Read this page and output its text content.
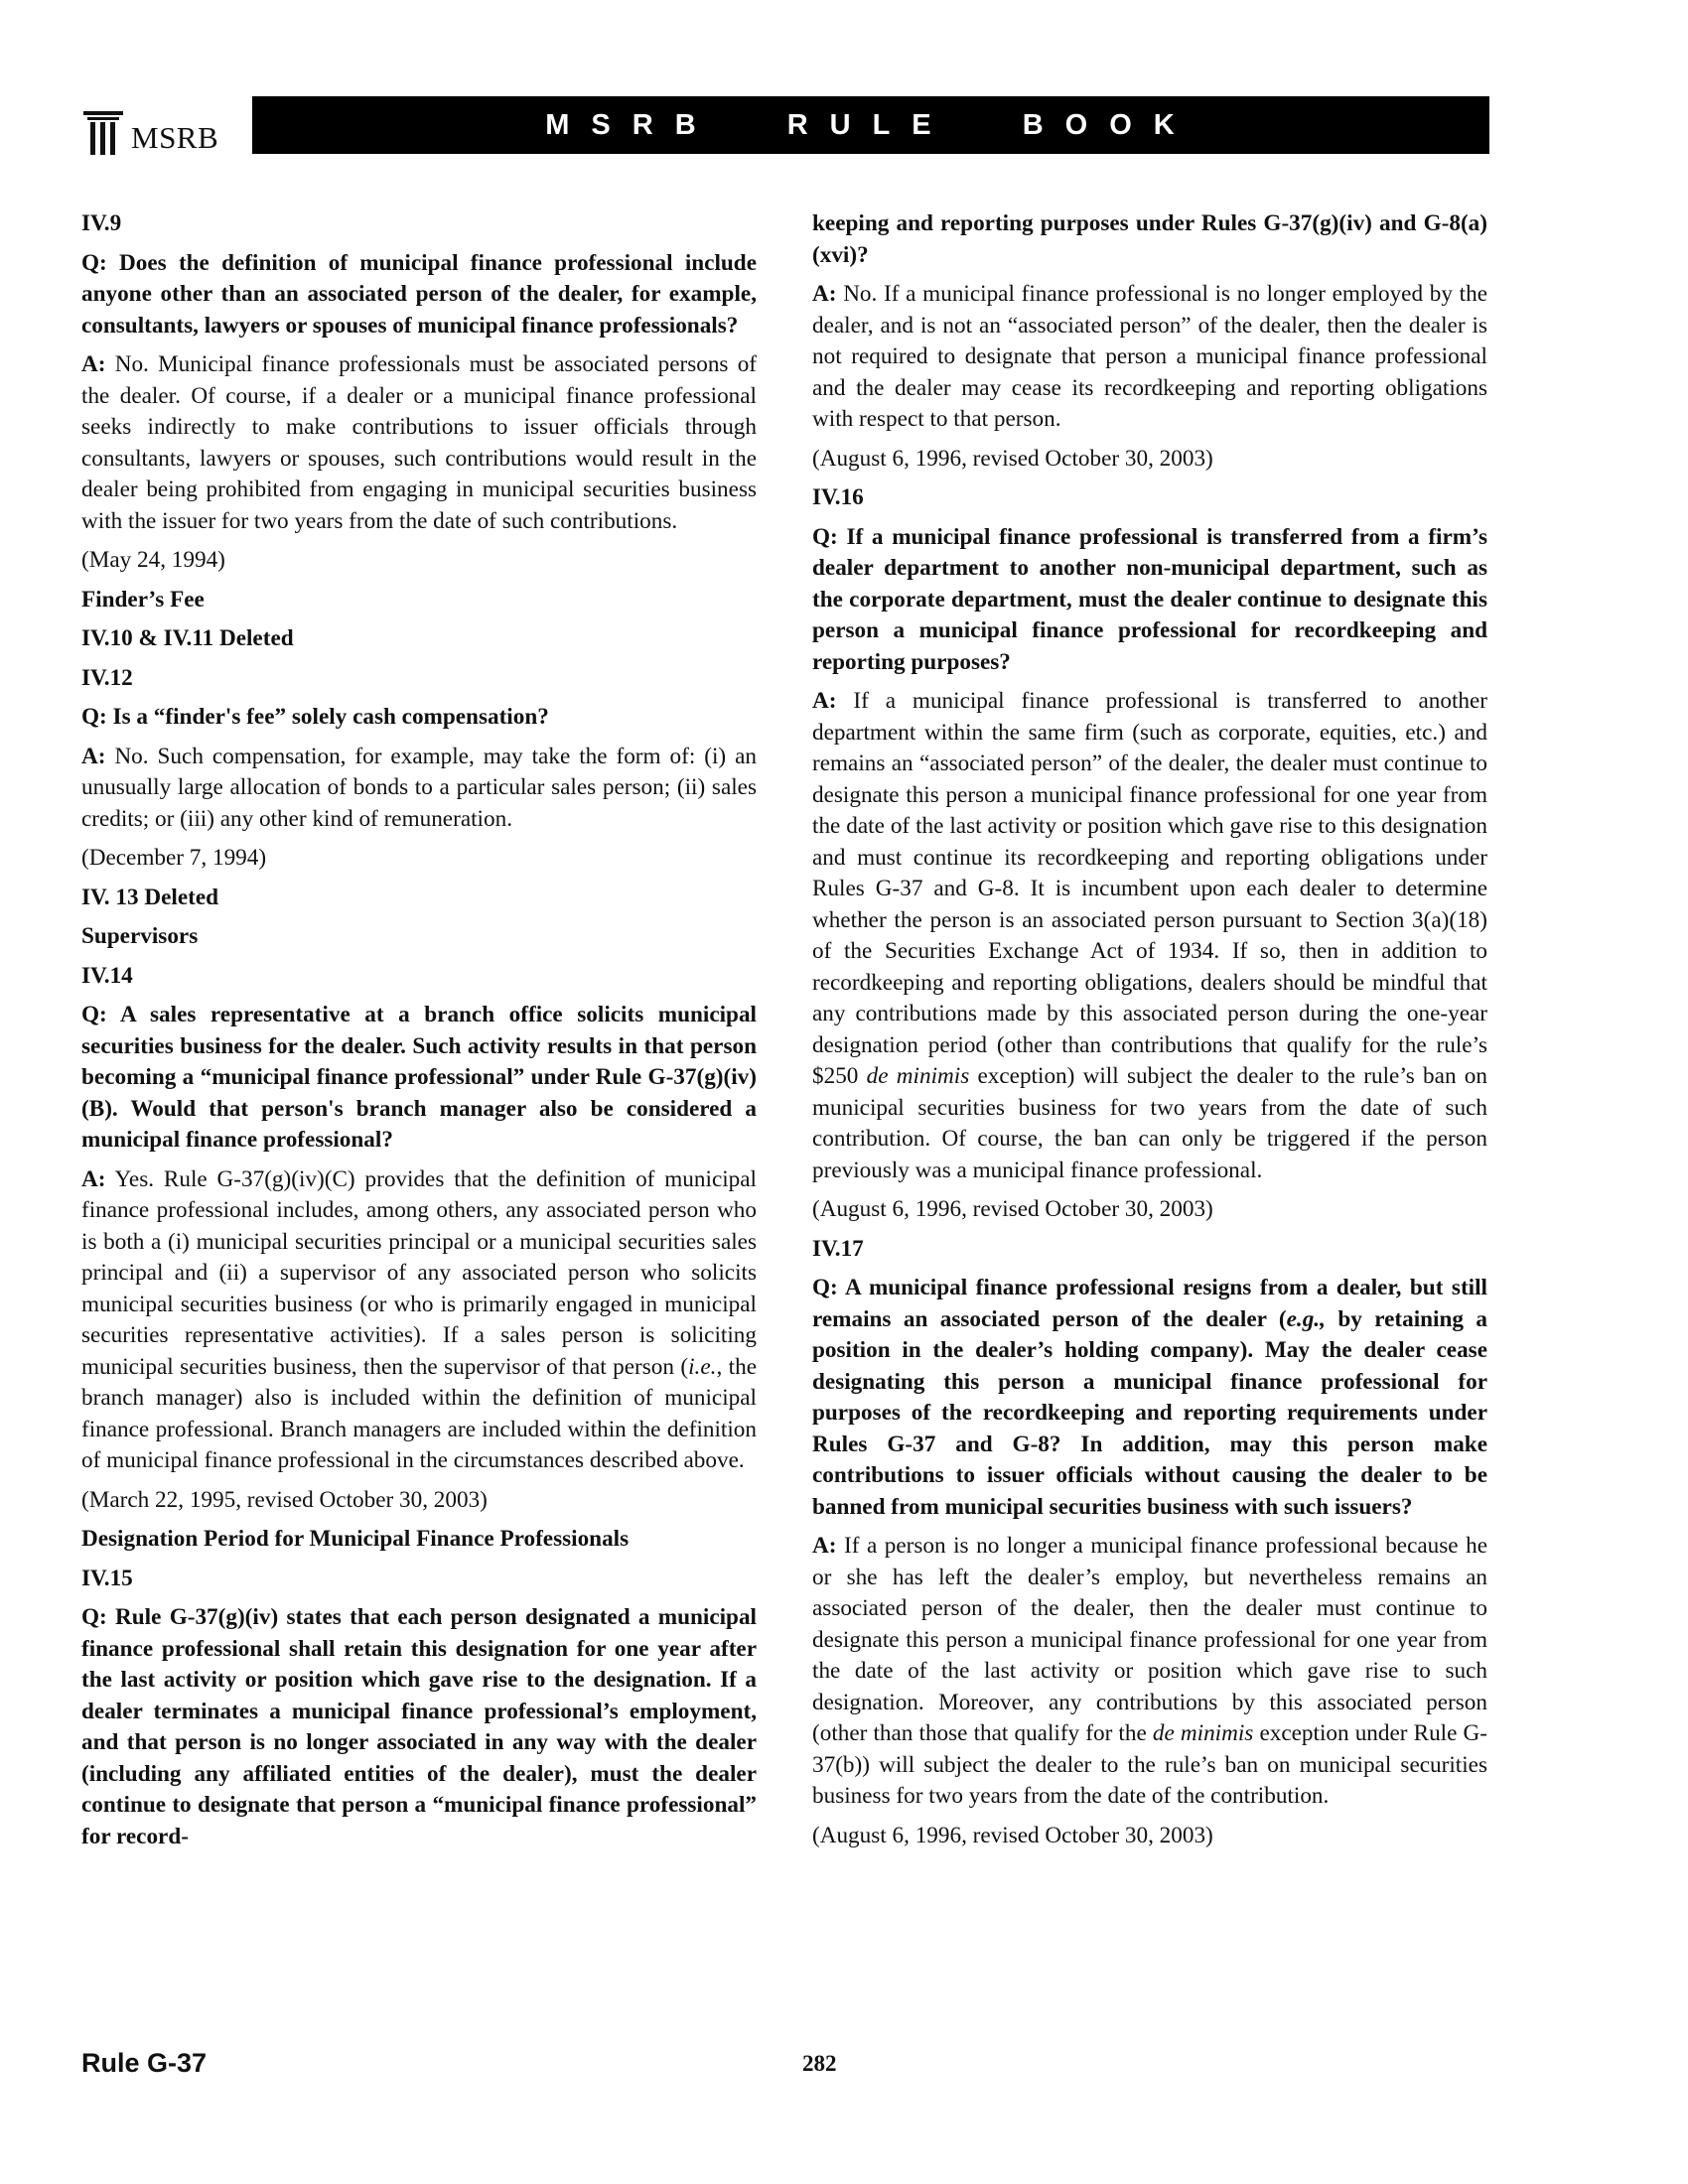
MSRB	MSRB RULE BOOK

IV.9

Q: Does the definition of municipal finance professional include anyone other than an associated person of the dealer, for example, consultants, lawyers or spouses of municipal finance professionals?

A: No. Municipal finance professionals must be associated persons of the dealer. Of course, if a dealer or a municipal finance professional seeks indirectly to make contributions to issuer officials through consultants, lawyers or spouses, such contributions would result in the dealer being prohibited from engaging in municipal securities business with the issuer for two years from the date of such contributions.

(May 24, 1994)

Finder’s Fee

IV.10 & IV.11 Deleted

IV.12

Q: Is a “finder's fee” solely cash compensation?

A: No. Such compensation, for example, may take the form of: (i) an unusually large allocation of bonds to a particular sales person; (ii) sales credits; or (iii) any other kind of remuneration.

(December 7, 1994)

IV. 13 Deleted

Supervisors

IV.14

Q: A sales representative at a branch office solicits municipal securities business for the dealer. Such activity results in that person becoming a “municipal finance professional” under Rule G-37(g)(iv)(B). Would that person's branch manager also be considered a municipal finance professional?

A: Yes. Rule G-37(g)(iv)(C) provides that the definition of municipal finance professional includes, among others, any associated person who is both a (i) municipal securities principal or a municipal securities sales principal and (ii) a supervisor of any associated person who solicits municipal securities business (or who is primarily engaged in municipal securities representative activities). If a sales person is soliciting municipal securities business, then the supervisor of that person (i.e., the branch manager) also is included within the definition of municipal finance professional. Branch managers are included within the definition of municipal finance professional in the circumstances described above.

(March 22, 1995, revised October 30, 2003)

Designation Period for Municipal Finance Professionals

IV.15

Q: Rule G-37(g)(iv) states that each person designated a municipal finance professional shall retain this designation for one year after the last activity or position which gave rise to the designation. If a dealer terminates a municipal finance professional’s employment, and that person is no longer associated in any way with the dealer (including any affiliated entities of the dealer), must the dealer continue to designate that person a “municipal finance professional” for record-

keeping and reporting purposes under Rules G-37(g)(iv) and G-8(a)(xvi)?

A: No. If a municipal finance professional is no longer employed by the dealer, and is not an “associated person” of the dealer, then the dealer is not required to designate that person a municipal finance professional and the dealer may cease its recordkeeping and reporting obligations with respect to that person.

(August 6, 1996, revised October 30, 2003)

IV.16

Q: If a municipal finance professional is transferred from a firm’s dealer department to another non-municipal department, such as the corporate department, must the dealer continue to designate this person a municipal finance professional for recordkeeping and reporting purposes?

A: If a municipal finance professional is transferred to another department within the same firm (such as corporate, equities, etc.) and remains an “associated person” of the dealer, the dealer must continue to designate this person a municipal finance professional for one year from the date of the last activity or position which gave rise to this designation and must continue its recordkeeping and reporting obligations under Rules G-37 and G-8. It is incumbent upon each dealer to determine whether the person is an associated person pursuant to Section 3(a)(18) of the Securities Exchange Act of 1934. If so, then in addition to recordkeeping and reporting obligations, dealers should be mindful that any contributions made by this associated person during the one-year designation period (other than contributions that qualify for the rule’s $250 de minimis exception) will subject the dealer to the rule’s ban on municipal securities business for two years from the date of such contribution. Of course, the ban can only be triggered if the person previously was a municipal finance professional.

(August 6, 1996, revised October 30, 2003)

IV.17

Q: A municipal finance professional resigns from a dealer, but still remains an associated person of the dealer (e.g., by retaining a position in the dealer’s holding company). May the dealer cease designating this person a municipal finance professional for purposes of the recordkeeping and reporting requirements under Rules G-37 and G-8? In addition, may this person make contributions to issuer officials without causing the dealer to be banned from municipal securities business with such issuers?

A: If a person is no longer a municipal finance professional because he or she has left the dealer’s employ, but nevertheless remains an associated person of the dealer, then the dealer must continue to designate this person a municipal finance professional for one year from the date of the last activity or position which gave rise to such designation. Moreover, any contributions by this associated person (other than those that qualify for the de minimis exception under Rule G-37(b)) will subject the dealer to the rule’s ban on municipal securities business for two years from the date of the contribution.

(August 6, 1996, revised October 30, 2003)

Rule G-37	282
